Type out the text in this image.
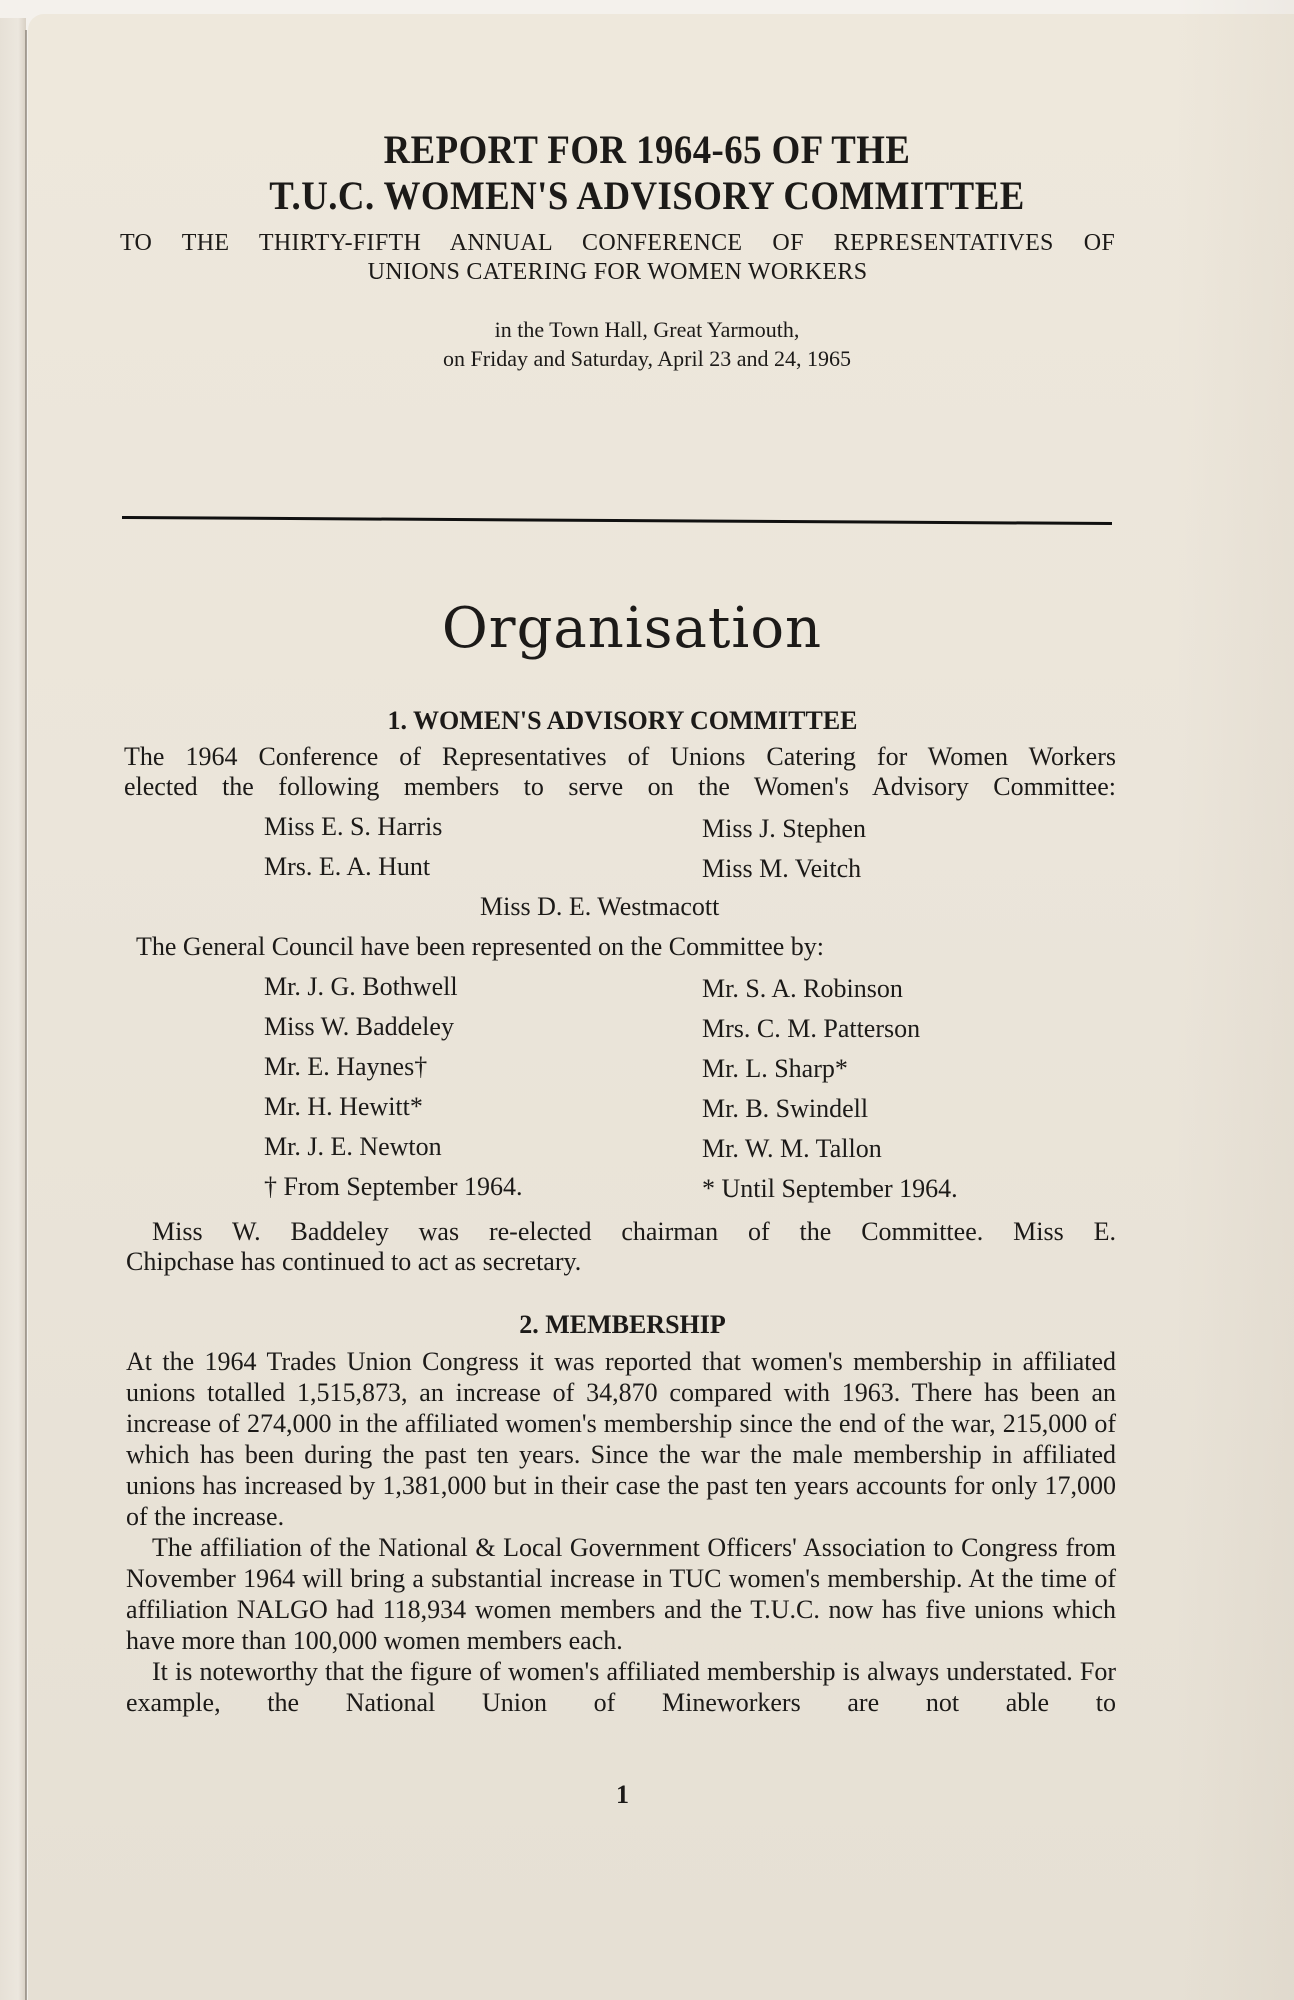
REPORT FOR 1964-65 OF THE
T.U.C. WOMEN'S ADVISORY COMMITTEE
TO THE THIRTY-FIFTH ANNUAL CONFERENCE OF REPRESENTATIVES OF
UNIONS CATERING FOR WOMEN WORKERS
in the Town Hall, Great Yarmouth,
on Friday and Saturday, April 23 and 24, 1965
Organisation
1. WOMEN'S ADVISORY COMMITTEE
The 1964 Conference of Representatives of Unions Catering for Women Workers
elected the following members to serve on the Women's Advisory Committee:
Miss E. S. Harris
Mrs. E. A. Hunt
Miss J. Stephen
Miss M. Veitch
Miss D. E. Westmacott
The General Council have been represented on the Committee by:
Mr. J. G. Bothwell
Miss W. Baddeley
Mr. E. Haynes†
Mr. H. Hewitt*
Mr. J. E. Newton
Mr. S. A. Robinson
Mrs. C. M. Patterson
Mr. L. Sharp*
Mr. B. Swindell
Mr. W. M. Tallon
† From September 1964.	* Until September 1964.
Miss W. Baddeley was re-elected chairman of the Committee. Miss E.
Chipchase has continued to act as secretary.
2. MEMBERSHIP

At the 1964 Trades Union Congress it was reported that women's membership in affiliated unions totalled 1,515,873, an increase of 34,870 compared with 1963. There has been an increase of 274,000 in the affiliated women's membership since the end of the war, 215,000 of which has been during the past ten years. Since the war the male membership in affiliated unions has increased by 1,381,000 but in their case the past ten years accounts for only 17,000 of the increase.

The affiliation of the National & Local Government Officers' Association to Congress from November 1964 will bring a substantial increase in TUC women's membership. At the time of affiliation NALGO had 118,934 women members and the T.U.C. now has five unions which have more than 100,000 women members each.

It is noteworthy that the figure of women's affiliated membership is always understated. For example, the National Union of Mineworkers are not able to

1
